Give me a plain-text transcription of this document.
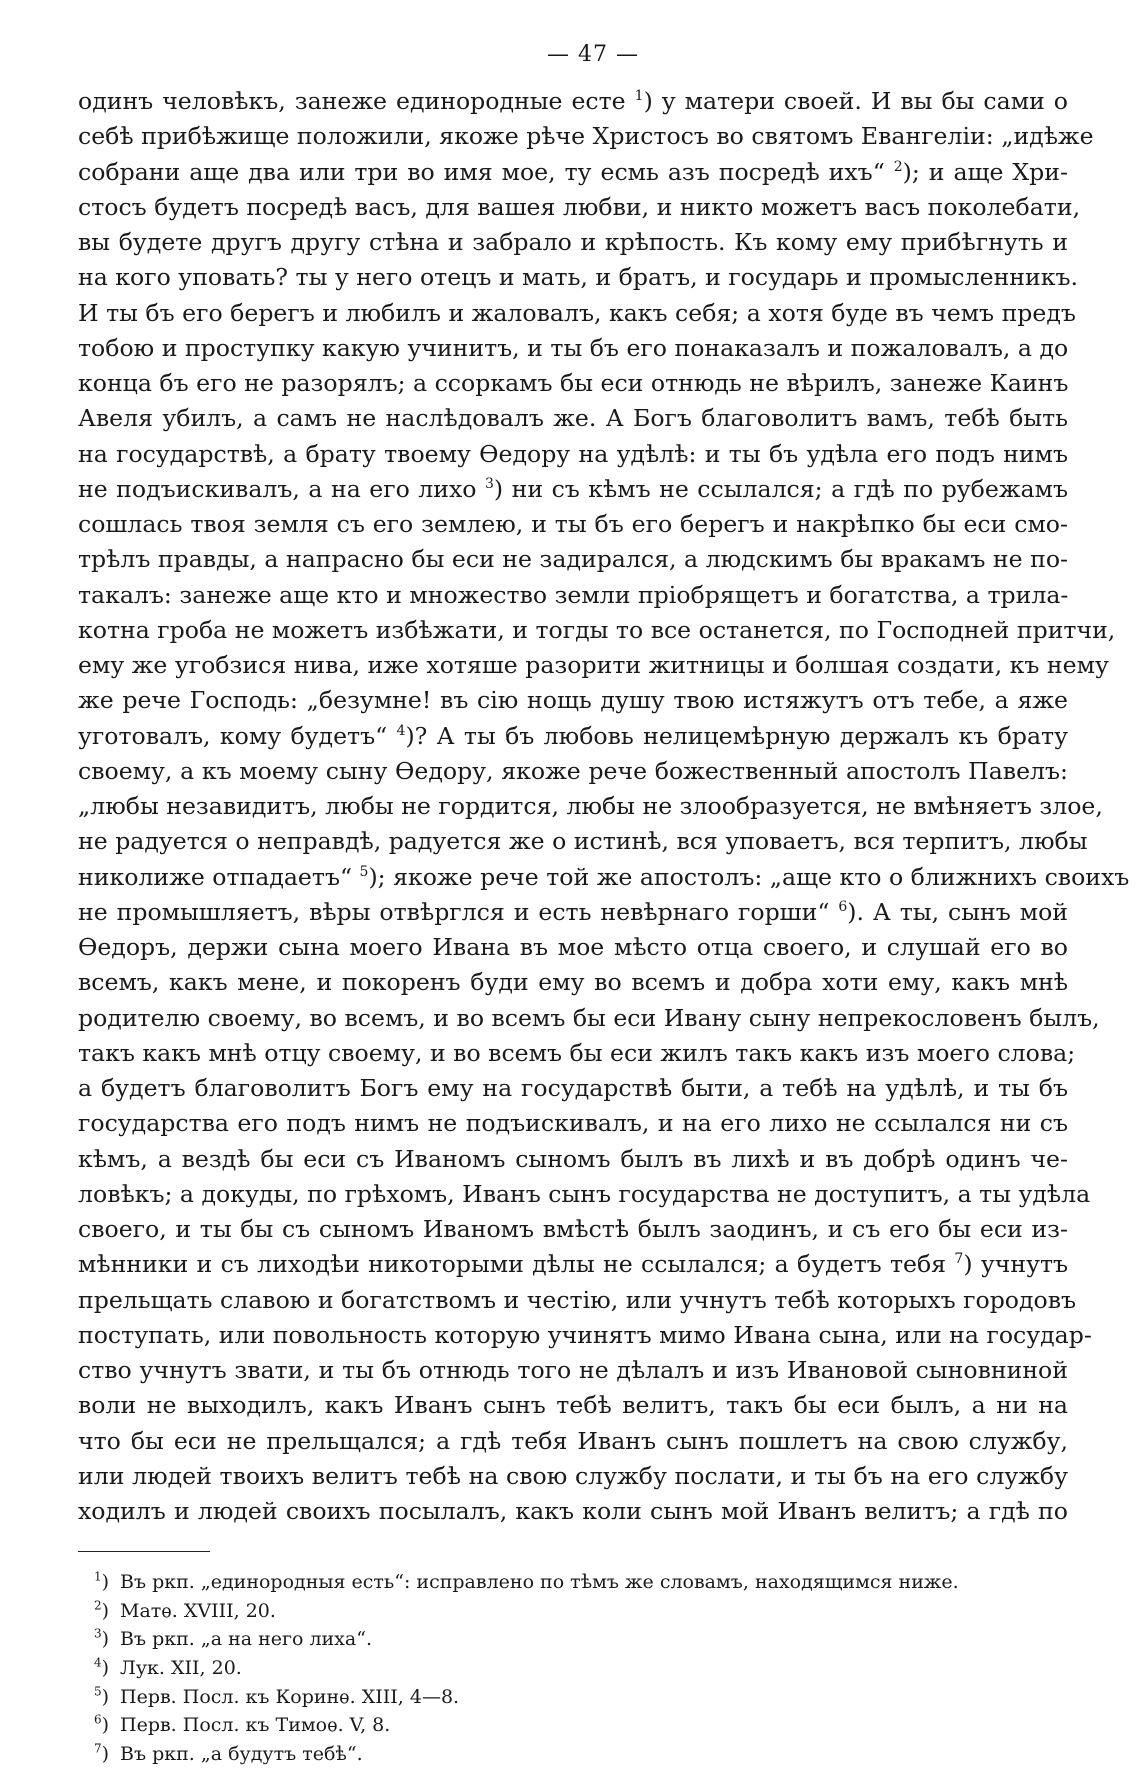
— 47 —
одинъ человѣкъ, занеже единородные есте $^1$) у матери своей. И вы бы сами о
себѣ прибѣжище положили, якоже рѣче Христосъ во святомъ Евангеліи: „идѣже
собрани аще два или три во имя мое, ту есмь азъ посредѣ ихъ“ $^2$); и аще Хри-
стосъ будетъ посредѣ васъ, для вашея любви, и никто можетъ васъ поколебати,
вы будете другъ другу стѣна и забрало и крѣпость. Къ кому ему прибѣгнуть и
на кого уповать? ты у него отецъ и мать, и братъ, и государь и промысленникъ.
И ты бъ его берегъ и любилъ и жаловалъ, какъ себя; а хотя буде въ чемъ предъ
тобою и проступку какую учинитъ, и ты бъ его понаказалъ и пожаловалъ, а до
конца бъ его не разорялъ; а ссоркамъ бы еси отнюдь не вѣрилъ, занеже Каинъ
Авеля убилъ, а самъ не наслѣдовалъ же. А Богъ благоволитъ вамъ, тебѣ быть
на государствѣ, а брату твоему Ѳедору на удѣлѣ: и ты бъ удѣла его подъ нимъ
не подъискивалъ, а на его лихо $^3$) ни съ кѣмъ не ссылался; а гдѣ по рубежамъ
сошлась твоя земля съ его землею, и ты бъ его берегъ и накрѣпко бы еси смо-
трѣлъ правды, а напрасно бы еси не задирался, а людскимъ бы вракамъ не по-
такалъ: занеже аще кто и множество земли пріобрящетъ и богатства, а трила-
котна гроба не можетъ избѣжати, и тогды то все останется, по Господней притчи,
ему же угобзися нива, иже хотяше разорити житницы и болшая создати, къ нему
же рече Господь: „безумне! въ сію нощь душу твою истяжутъ отъ тебе, а яже
уготовалъ, кому будетъ“ $^4$)? А ты бъ любовь нелицемѣрную держалъ къ брату
своему, а къ моему сыну Ѳедору, якоже рече божественный апостолъ Павелъ:
„любы незавидитъ, любы не гордится, любы не злообразуется, не вмѣняетъ злое,
не радуется о неправдѣ, радуется же о истинѣ, вся уповаетъ, вся терпитъ, любы
николиже отпадаетъ“ $^5$); якоже рече той же апостолъ: „аще кто о ближнихъ своихъ
не промышляетъ, вѣры отвѣрглся и есть невѣрнаго горши“ $^6$). А ты, сынъ мой
Ѳедоръ, держи сына моего Ивана въ мое мѣсто отца своего, и слушай его во
всемъ, какъ мене, и покоренъ буди ему во всемъ и добра хоти ему, какъ мнѣ
родителю своему, во всемъ, и во всемъ бы еси Ивану сыну непрекословенъ былъ,
такъ какъ мнѣ отцу своему, и во всемъ бы еси жилъ такъ какъ изъ моего слова;
а будетъ благоволитъ Богъ ему на государствѣ быти, а тебѣ на удѣлѣ, и ты бъ
государства его подъ нимъ не подъискивалъ, и на его лихо не ссылался ни съ
кѣмъ, а вездѣ бы еси съ Иваномъ сыномъ былъ въ лихѣ и въ добрѣ одинъ че-
ловѣкъ; а докуды, по грѣхомъ, Иванъ сынъ государства не доступитъ, а ты удѣла
своего, и ты бы съ сыномъ Иваномъ вмѣстѣ былъ заодинъ, и съ его бы еси из-
мѣнники и съ лиходѣи никоторыми дѣлы не ссылался; а будетъ тебя $^7$) учнутъ
прельщать славою и богатствомъ и честію, или учнутъ тебѣ которыхъ городовъ
поступать, или повольность которую учинятъ мимо Ивана сына, или на государ-
ство учнутъ звати, и ты бъ отнюдь того не дѣлалъ и изъ Ивановой сыновниной
воли не выходилъ, какъ Иванъ сынъ тебѣ велитъ, такъ бы еси былъ, а ни на
что бы еси не прельщался; а гдѣ тебя Иванъ сынъ пошлетъ на свою службу,
или людей твоихъ велитъ тебѣ на свою службу послати, и ты бъ на его службу
ходилъ и людей своихъ посылалъ, какъ коли сынъ мой Иванъ велитъ; а гдѣ по
$^1$) Въ ркп. „единородныя есть“: исправлено по тѣмъ же словамъ, находящимся ниже.
$^2$) Матѳ. XVIII, 20.
$^3$) Въ ркп. „а на него лиха“.
$^4$) Лук. XII, 20.
$^5$) Перв. Посл. къ Коринѳ. XIII, 4—8.
$^6$) Перв. Посл. къ Тимоѳ. V, 8.
$^7$) Въ ркп. „а будутъ тебѣ“.
